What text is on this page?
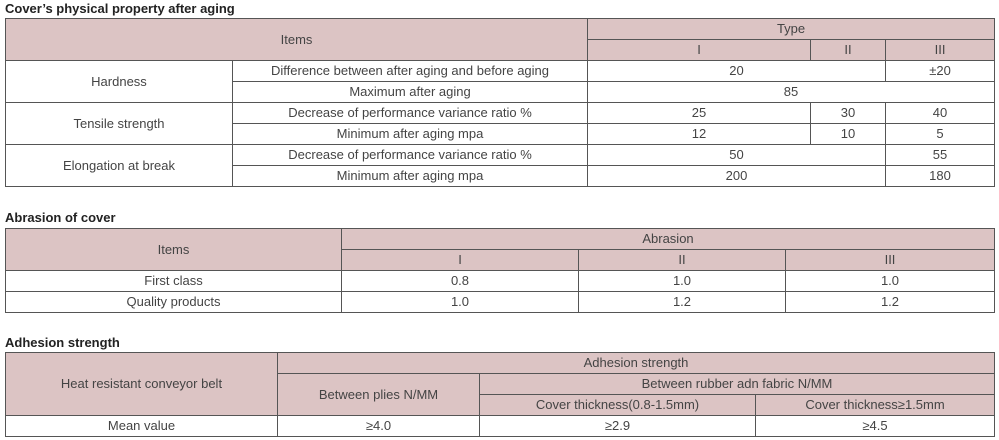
Cover’s physical property after aging
Items		Type		
		I	II	III
Hardness	Difference between after aging and before aging	20		±20
	Maximum after aging	85		
Tensile strength	Decrease of performance variance ratio %	25	30	40
	Minimum after aging mpa	12	10	5
Elongation at break	Decrease of performance variance ratio %	50		55
	Minimum after aging mpa	200		180
Abrasion of cover
Items	Abrasion		
	I	II	III
First class	0.8	1.0	1.0
Quality products	1.0	1.2	1.2
Adhesion strength
Heat resistant conveyor belt	Adhesion strength		
	Between plies N/MM	Between rubber adn fabric N/MM	
		Cover thickness(0.8-1.5mm)	Cover thickness≥1.5mm
Mean value	≥4.0	≥2.9	≥4.5
